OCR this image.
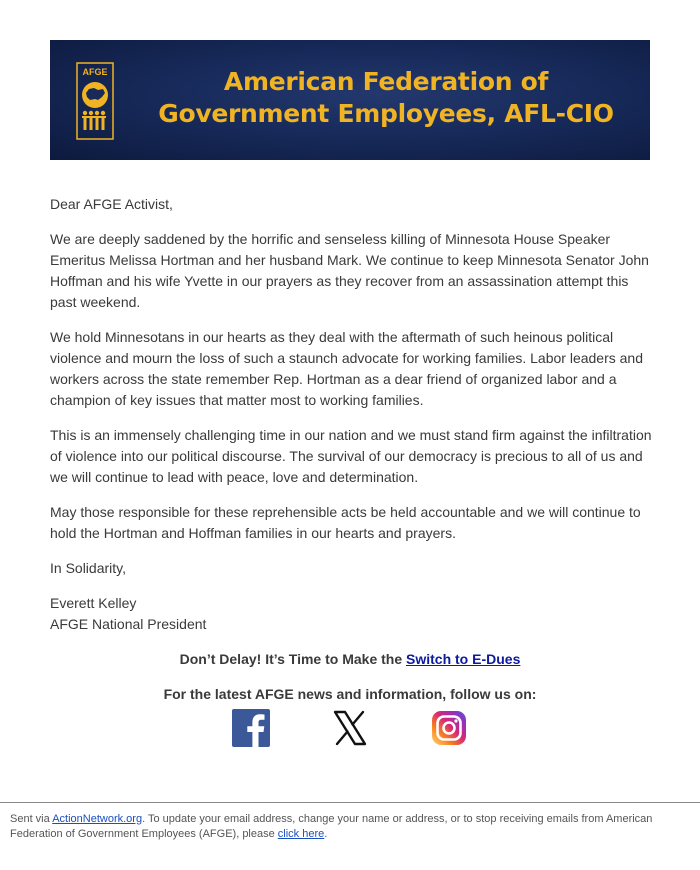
AFGE	American Federation of
Government Employees, AFL-CIO

Dear AFGE Activist,

We are deeply saddened by the horrific and senseless killing of Minnesota House Speaker Emeritus Melissa Hortman and her husband Mark. We continue to keep Minnesota Senator John Hoffman and his wife Yvette in our prayers as they recover from an assassination attempt this past weekend.

We hold Minnesotans in our hearts as they deal with the aftermath of such heinous political violence and mourn the loss of such a staunch advocate for working families. Labor leaders and workers across the state remember Rep. Hortman as a dear friend of organized labor and a champion of key issues that matter most to working families.

This is an immensely challenging time in our nation and we must stand firm against the infiltration of violence into our political discourse. The survival of our democracy is precious to all of us and we will continue to lead with peace, love and determination.

May those responsible for these reprehensible acts be held accountable and we will continue to hold the Hortman and Hoffman families in our hearts and prayers.

In Solidarity,

Everett Kelley
AFGE National President

Don’t Delay! It’s Time to Make the Switch to E-Dues
For the latest AFGE news and information, follow us on:
Sent via ActionNetwork.org. To update your email address, change your name or address, or to stop receiving emails from American Federation of Government Employees (AFGE), please click here.
